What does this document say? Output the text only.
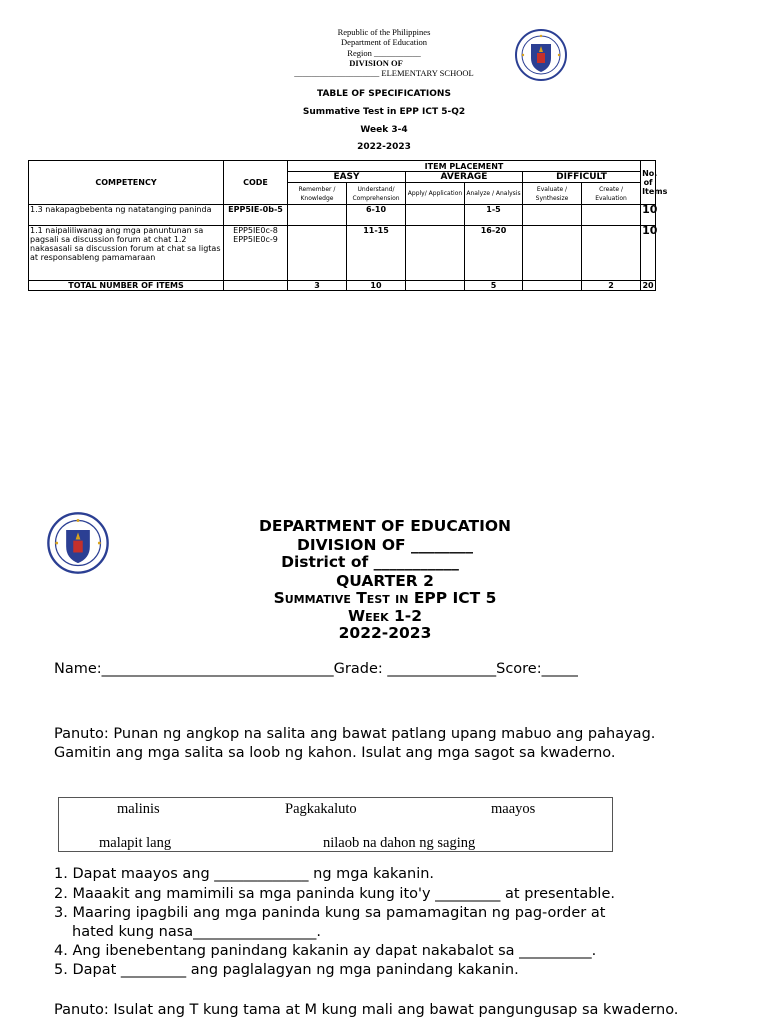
Republic of the Philippines
Department of Education
Region ___________
DIVISION OF
____________________ ELEMENTARY SCHOOL
TABLE OF SPECIFICATIONS
Summative Test in EPP ICT 5-Q2
Week 3-4
2022-2023
COMPETENCY	CODE	ITEM PLACEMENT						No. of Items
		EASY		AVERAGE		DIFFICULT		
		Remember / Knowledge	Understand/ Comprehension	Apply/ Application	Analyze / Analysis	Evaluate / Synthesize	Create / Evaluation	
1.3 nakapagbebenta ng natatanging paninda	EPP5IE-0b-5		6-10		1-5			10
1.1 naipaliliwanag ang mga panuntunan sa pagsali sa discussion forum at chat 1.2 nakasasali sa discussion forum at chat sa ligtas at responsableng pamamaraan	EPP5IE0c-8 EPP5IE0c-9		11-15		16-20			10
TOTAL NUMBER OF ITEMS		3	10		5		2	20
DEPARTMENT OF EDUCATION
DIVISION OF ________
District of ___________
QUARTER 2
Summative Test in EPP ICT 5
Week 1-2
2022-2023
Name:________________________________Grade: _______________Score:_____
Panuto: Punan ng angkop na salita ang bawat patlang upang mabuo ang pahayag. Gamitin ang mga salita sa loob ng kahon. Isulat ang mga sagot sa kwaderno.
malinis	Pagkakaluto	maayos
malapit lang	nilaob na dahon ng saging
1. Dapat maayos ang _____________ ng mga kakanin.
2. Maaakit ang mamimili sa mga paninda kung ito'y _________ at presentable.
3. Maaring ipagbili ang mga paninda kung sa pamamagitan ng pag-order at
hated kung nasa_________________.
4. Ang ibenebentang panindang kakanin ay dapat nakabalot sa __________.
5. Dapat _________ ang paglalagyan ng mga panindang kakanin.
Panuto: Isulat ang T kung tama at M kung mali ang bawat pangungusap sa kwaderno.
